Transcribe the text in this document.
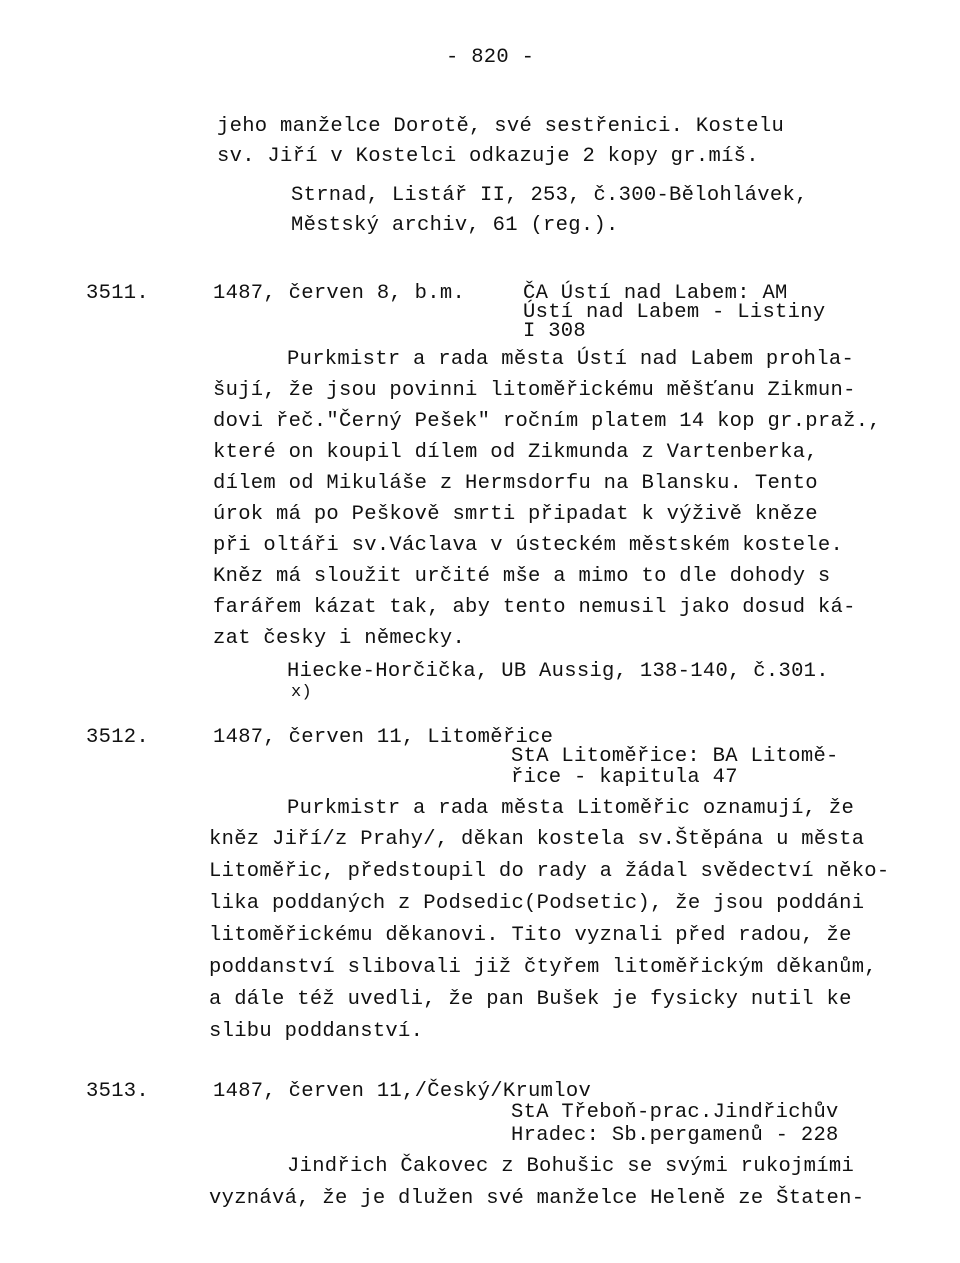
- 820 -
jeho manželce Dorotě, své sestřenici. Kostelu
sv. Jiří v Kostelci odkazuje 2 kopy gr.míš.
Strnad, Listář II, 253, č.300-Bělohlávek,
Městský archiv, 61 (reg.).
3511.	1487, červen 8, b.m.	ČA Ústí nad Labem: AM
Ústí nad Labem - Listiny
I 308
Purkmistr a rada města Ústí nad Labem prohla-
šují, že jsou povinni litoměřickému měšťanu Zikmun-
dovi řeč."Černý Pešek" ročním platem 14 kop gr.praž.,
které on koupil dílem od Zikmunda z Vartenberka,
dílem od Mikuláše z Hermsdorfu na Blansku. Tento
úrok má po Peškově smrti připadat k výživě kněze
při oltáři sv.Václava v ústeckém městském kostele.
Kněz má sloužit určité mše a mimo to dle dohody s
farářem kázat tak, aby tento nemusil jako dosud ká-
zat česky i německy.
Hiecke-Horčička, UB Aussig, 138-140, č.301.
x)
3512.	1487, červen 11, Litoměřice
StA Litoměřice: BA Litomě-
řice - kapitula 47
Purkmistr a rada města Litoměřic oznamují, že
kněz Jiří/z Prahy/, děkan kostela sv.Štěpána u města
Litoměřic, předstoupil do rady a žádal svědectví něko-
lika poddaných z Podsedic(Podsetic), že jsou poddáni
litoměřickému děkanovi. Tito vyznali před radou, že
poddanství slibovali již čtyřem litoměřickým děkanům,
a dále též uvedli, že pan Bušek je fysicky nutil ke
slibu poddanství.
3513.	1487, červen 11,/Český/Krumlov
StA Třeboň-prac.Jindřichův
Hradec: Sb.pergamenů - 228
Jindřich Čakovec z Bohušic se svými rukojmími
vyznává, že je dlužen své manželce Heleně ze Štaten-
